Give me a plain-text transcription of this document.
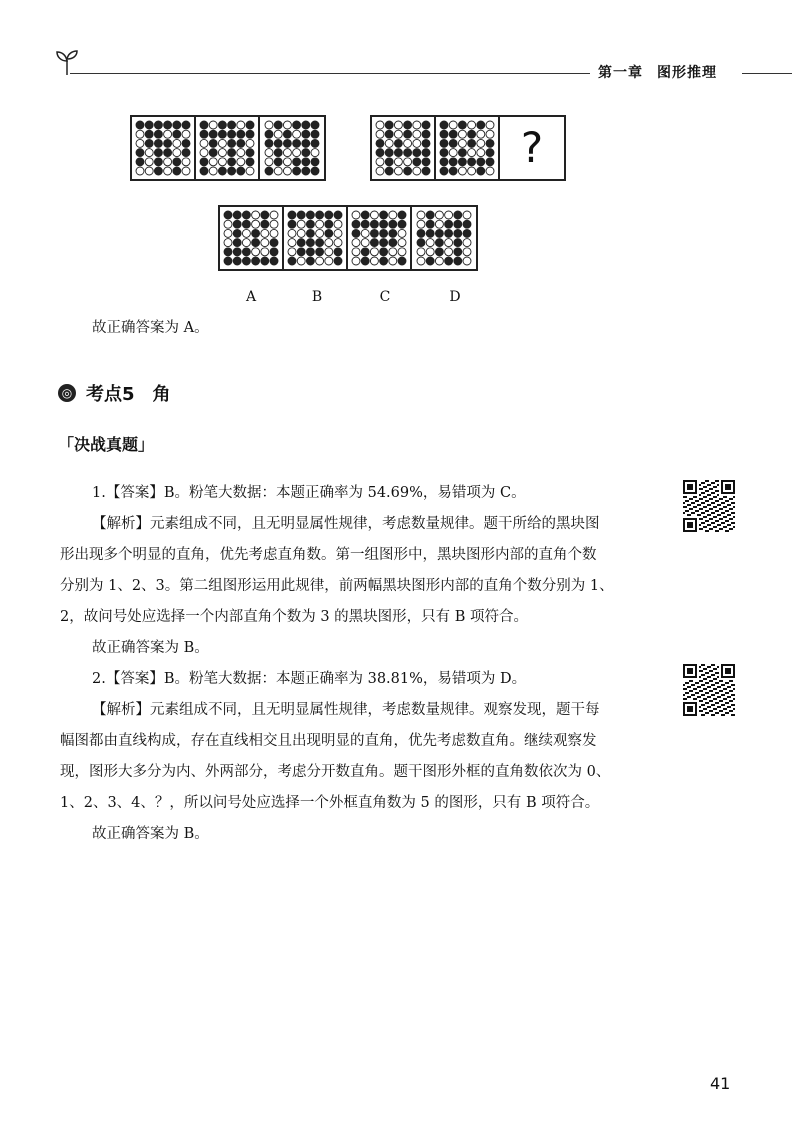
第一章 图形推理
?
A	B	C	D
故正确答案为 A。
◎ 考点5　角
「决战真题」
1.【答案】B。粉笔大数据：本题正确率为 54.69%，易错项为 C。
【解析】元素组成不同，且无明显属性规律，考虑数量规律。题干所给的黑块图
形出现多个明显的直角，优先考虑直角数。第一组图形中，黑块图形内部的直角个数
分别为 1、2、3。第二组图形运用此规律，前两幅黑块图形内部的直角个数分别为 1、
2，故问号处应选择一个内部直角个数为 3 的黑块图形，只有 B 项符合。
故正确答案为 B。
2.【答案】B。粉笔大数据：本题正确率为 38.81%，易错项为 D。
【解析】元素组成不同，且无明显属性规律，考虑数量规律。观察发现，题干每
幅图都由直线构成，存在直线相交且出现明显的直角，优先考虑数直角。继续观察发
现，图形大多分为内、外两部分，考虑分开数直角。题干图形外框的直角数依次为 0、
1、2、3、4、？，所以问号处应选择一个外框直角数为 5 的图形，只有 B 项符合。
故正确答案为 B。
41
